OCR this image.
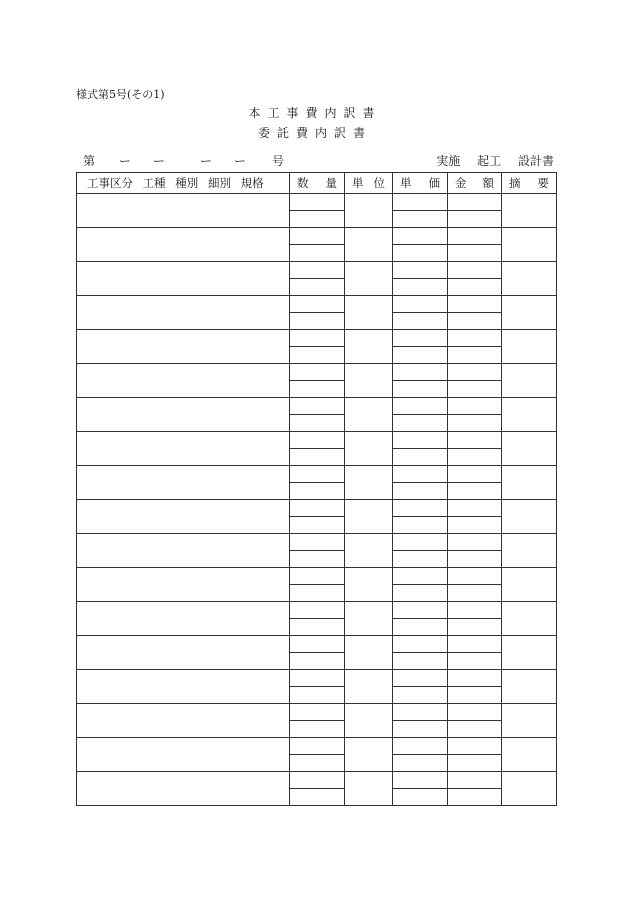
様式第5号(その1)
本工事費内訳書
委託費内訳書
第 ー ー	ー ー 号	実施 起工 設計書
工事区分 工種 種別 細別 規格	数 量	単 位	単 価	金 額	摘 要
